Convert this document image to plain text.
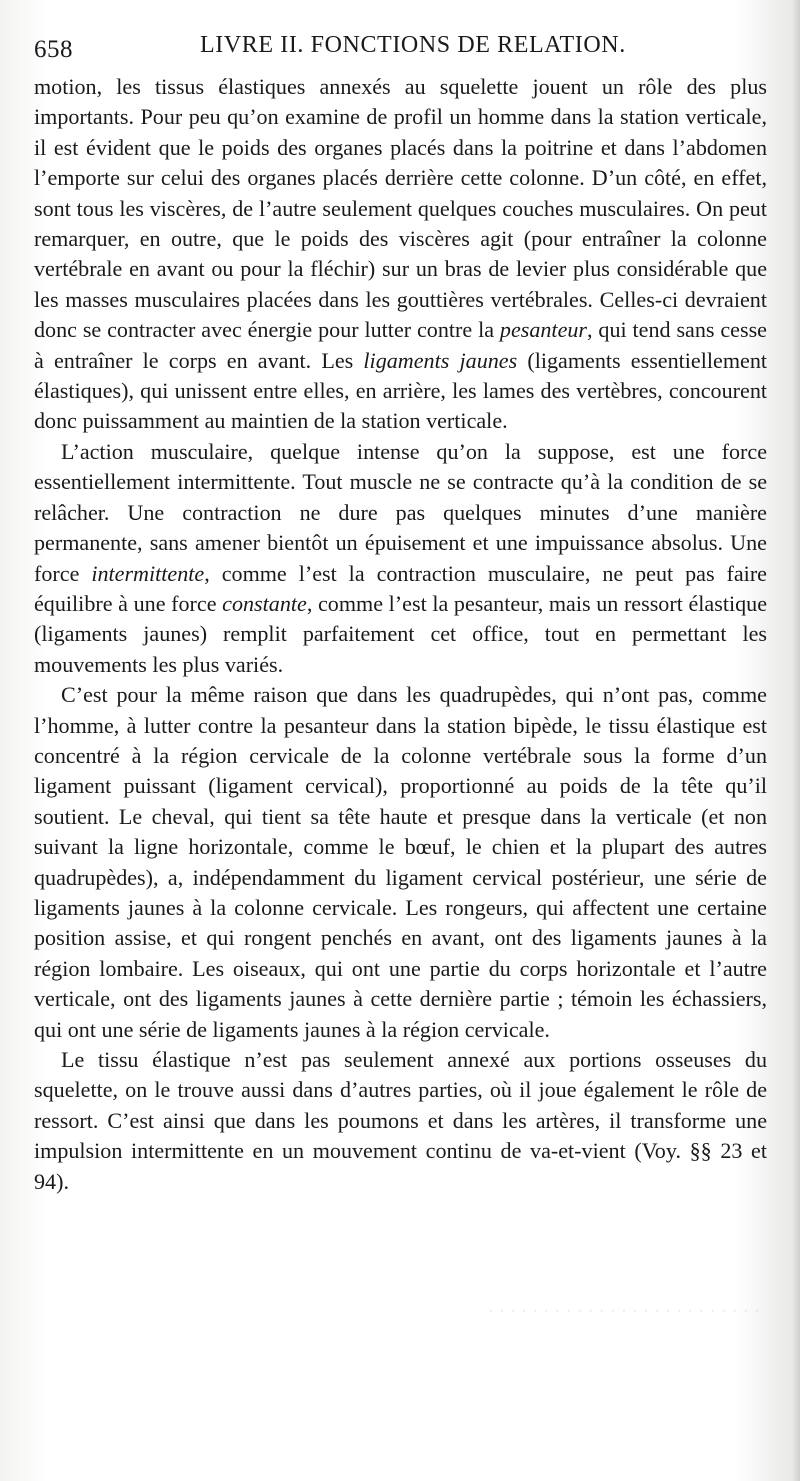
· · · · · · · · · · · · · · · · · · · · · · · · ·
658	LIVRE II. FONCTIONS DE RELATION.

motion, les tissus élastiques annexés au squelette jouent un rôle des plus importants. Pour peu qu’on examine de profil un homme dans la station verticale, il est évident que le poids des organes placés dans la poitrine et dans l’abdomen l’emporte sur celui des organes placés derrière cette colonne. D’un côté, en effet, sont tous les viscères, de l’autre seulement quelques couches musculaires. On peut remarquer, en outre, que le poids des viscères agit (pour entraîner la colonne vertébrale en avant ou pour la fléchir) sur un bras de levier plus considérable que les masses musculaires placées dans les gouttières vertébrales. Celles-ci devraient donc se contracter avec énergie pour lutter contre la pesanteur, qui tend sans cesse à entraîner le corps en avant. Les ligaments jaunes (ligaments essentiellement élastiques), qui unissent entre elles, en arrière, les lames des vertèbres, concourent donc puissamment au maintien de la station verticale.

L’action musculaire, quelque intense qu’on la suppose, est une force essentiellement intermittente. Tout muscle ne se contracte qu’à la condition de se relâcher. Une contraction ne dure pas quelques minutes d’une manière permanente, sans amener bientôt un épuisement et une impuissance absolus. Une force intermittente, comme l’est la contraction musculaire, ne peut pas faire équilibre à une force constante, comme l’est la pesanteur, mais un ressort élastique (ligaments jaunes) remplit parfaitement cet office, tout en permettant les mouvements les plus variés.

C’est pour la même raison que dans les quadrupèdes, qui n’ont pas, comme l’homme, à lutter contre la pesanteur dans la station bipède, le tissu élastique est concentré à la région cervicale de la colonne vertébrale sous la forme d’un ligament puissant (ligament cervical), proportionné au poids de la tête qu’il soutient. Le cheval, qui tient sa tête haute et presque dans la verticale (et non suivant la ligne horizontale, comme le bœuf, le chien et la plupart des autres quadrupèdes), a, indépendamment du ligament cervical postérieur, une série de ligaments jaunes à la colonne cervicale. Les rongeurs, qui affectent une certaine position assise, et qui rongent penchés en avant, ont des ligaments jaunes à la région lombaire. Les oiseaux, qui ont une partie du corps horizontale et l’autre verticale, ont des ligaments jaunes à cette dernière partie ; témoin les échassiers, qui ont une série de ligaments jaunes à la région cervicale.

Le tissu élastique n’est pas seulement annexé aux portions osseuses du squelette, on le trouve aussi dans d’autres parties, où il joue également le rôle de ressort. C’est ainsi que dans les poumons et dans les artères, il transforme une impulsion intermittente en un mouvement continu de va-et-vient (Voy. §§ 23 et 94).
